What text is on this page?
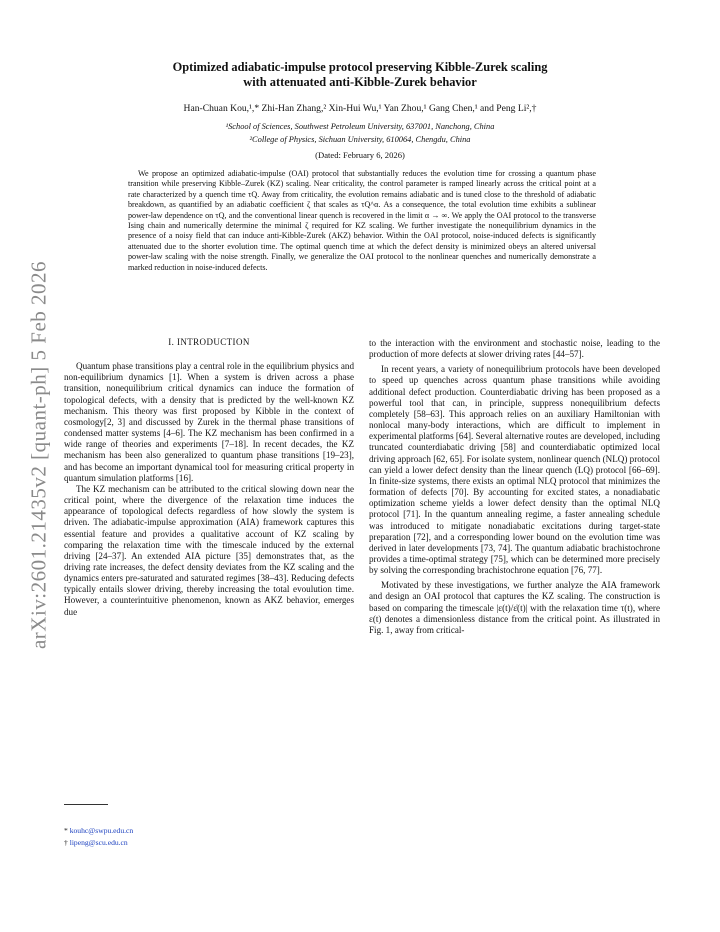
arXiv:2601.21435v2 [quant-ph] 5 Feb 2026
Optimized adiabatic-impulse protocol preserving Kibble-Zurek scaling
with attenuated anti-Kibble-Zurek behavior
Han-Chuan Kou,¹,* Zhi-Han Zhang,² Xin-Hui Wu,¹ Yan Zhou,¹ Gang Chen,¹ and Peng Li²,†
¹School of Sciences, Southwest Petroleum University, 637001, Nanchong, China
²College of Physics, Sichuan University, 610064, Chengdu, China
(Dated: February 6, 2026)
We propose an optimized adiabatic-impulse (OAI) protocol that substantially reduces the evolution time for crossing a quantum phase transition while preserving Kibble–Zurek (KZ) scaling. Near criticality, the control parameter is ramped linearly across the critical point at a rate characterized by a quench time τQ. Away from criticality, the evolution remains adiabatic and is tuned close to the threshold of adiabatic breakdown, as quantified by an adiabatic coefficient ζ that scales as τQ^α. As a consequence, the total evolution time exhibits a sublinear power-law dependence on τQ, and the conventional linear quench is recovered in the limit α → ∞. We apply the OAI protocol to the transverse Ising chain and numerically determine the minimal ζ required for KZ scaling. We further investigate the nonequilibrium dynamics in the presence of a noisy field that can induce anti-Kibble-Zurek (AKZ) behavior. Within the OAI protocol, noise-induced defects is significantly attenuated due to the shorter evolution time. The optimal quench time at which the defect density is minimized obeys an altered universal power-law scaling with the noise strength. Finally, we generalize the OAI protocol to the nonlinear quenches and numerically demonstrate a marked reduction in noise-induced defects.
I. INTRODUCTION

Quantum phase transitions play a central role in the equilibrium physics and non-equilibrium dynamics [1]. When a system is driven across a phase transition, nonequilibrium critical dynamics can induce the formation of topological defects, with a density that is predicted by the well-known KZ mechanism. This theory was first proposed by Kibble in the context of cosmology[2, 3] and discussed by Zurek in the thermal phase transitions of condensed matter systems [4–6]. The KZ mechanism has been confirmed in a wide range of theories and experiments [7–18]. In recent decades, the KZ mechanism has been also generalized to quantum phase transitions [19–23], and has become an important dynamical tool for measuring critical property in quantum simulation platforms [16].

The KZ mechanism can be attributed to the critical slowing down near the critical point, where the divergence of the relaxation time induces the appearance of topological defects regardless of how slowly the system is driven. The adiabatic-impulse approximation (AIA) framework captures this essential feature and provides a qualitative account of KZ scaling by comparing the relaxation time with the timescale induced by the external driving [24–37]. An extended AIA picture [35] demonstrates that, as the driving rate increases, the defect density deviates from the KZ scaling and the dynamics enters pre-saturated and saturated regimes [38–43]. Reducing defects typically entails slower driving, thereby increasing the total evoulution time. However, a counterintuitive phenomenon, known as AKZ behavior, emerges due

to the interaction with the environment and stochastic noise, leading to the production of more defects at slower driving rates [44–57].

In recent years, a variety of nonequilibrium protocols have been developed to speed up quenches across quantum phase transitions while avoiding additional defect production. Counterdiabatic driving has been proposed as a powerful tool that can, in principle, suppress nonequilibrium defects completely [58–63]. This approach relies on an auxiliary Hamiltonian with nonlocal many-body interactions, which are difficult to implement in experimental platforms [64]. Several alternative routes are developed, including truncated counterdiabatic driving [58] and counterdiabatic optimized local driving approach [62, 65]. For isolate system, nonlinear quench (NLQ) protocol can yield a lower defect density than the linear quench (LQ) protocol [66–69]. In finite-size systems, there exists an optimal NLQ protocol that minimizes the formation of defects [70]. By accounting for excited states, a nonadiabatic optimization scheme yields a lower defect density than the optimal NLQ protocol [71]. In the quantum annealing regime, a faster annealing schedule was introduced to mitigate nonadiabatic excitations during target-state preparation [72], and a corresponding lower bound on the evolution time was derived in later developments [73, 74]. The quantum adiabatic brachistochrone provides a time-optimal strategy [75], which can be determined more precisely by solving the corresponding brachistochrone equation [76, 77].

Motivated by these investigations, we further analyze the AIA framework and design an OAI protocol that captures the KZ scaling. The construction is based on comparing the timescale |ε(t)/ε̇(t)| with the relaxation time τ(t), where ε(t) denotes a dimensionless distance from the critical point. As illustrated in Fig. 1, away from critical-

* kouhc@swpu.edu.cn
† lipeng@scu.edu.cn
